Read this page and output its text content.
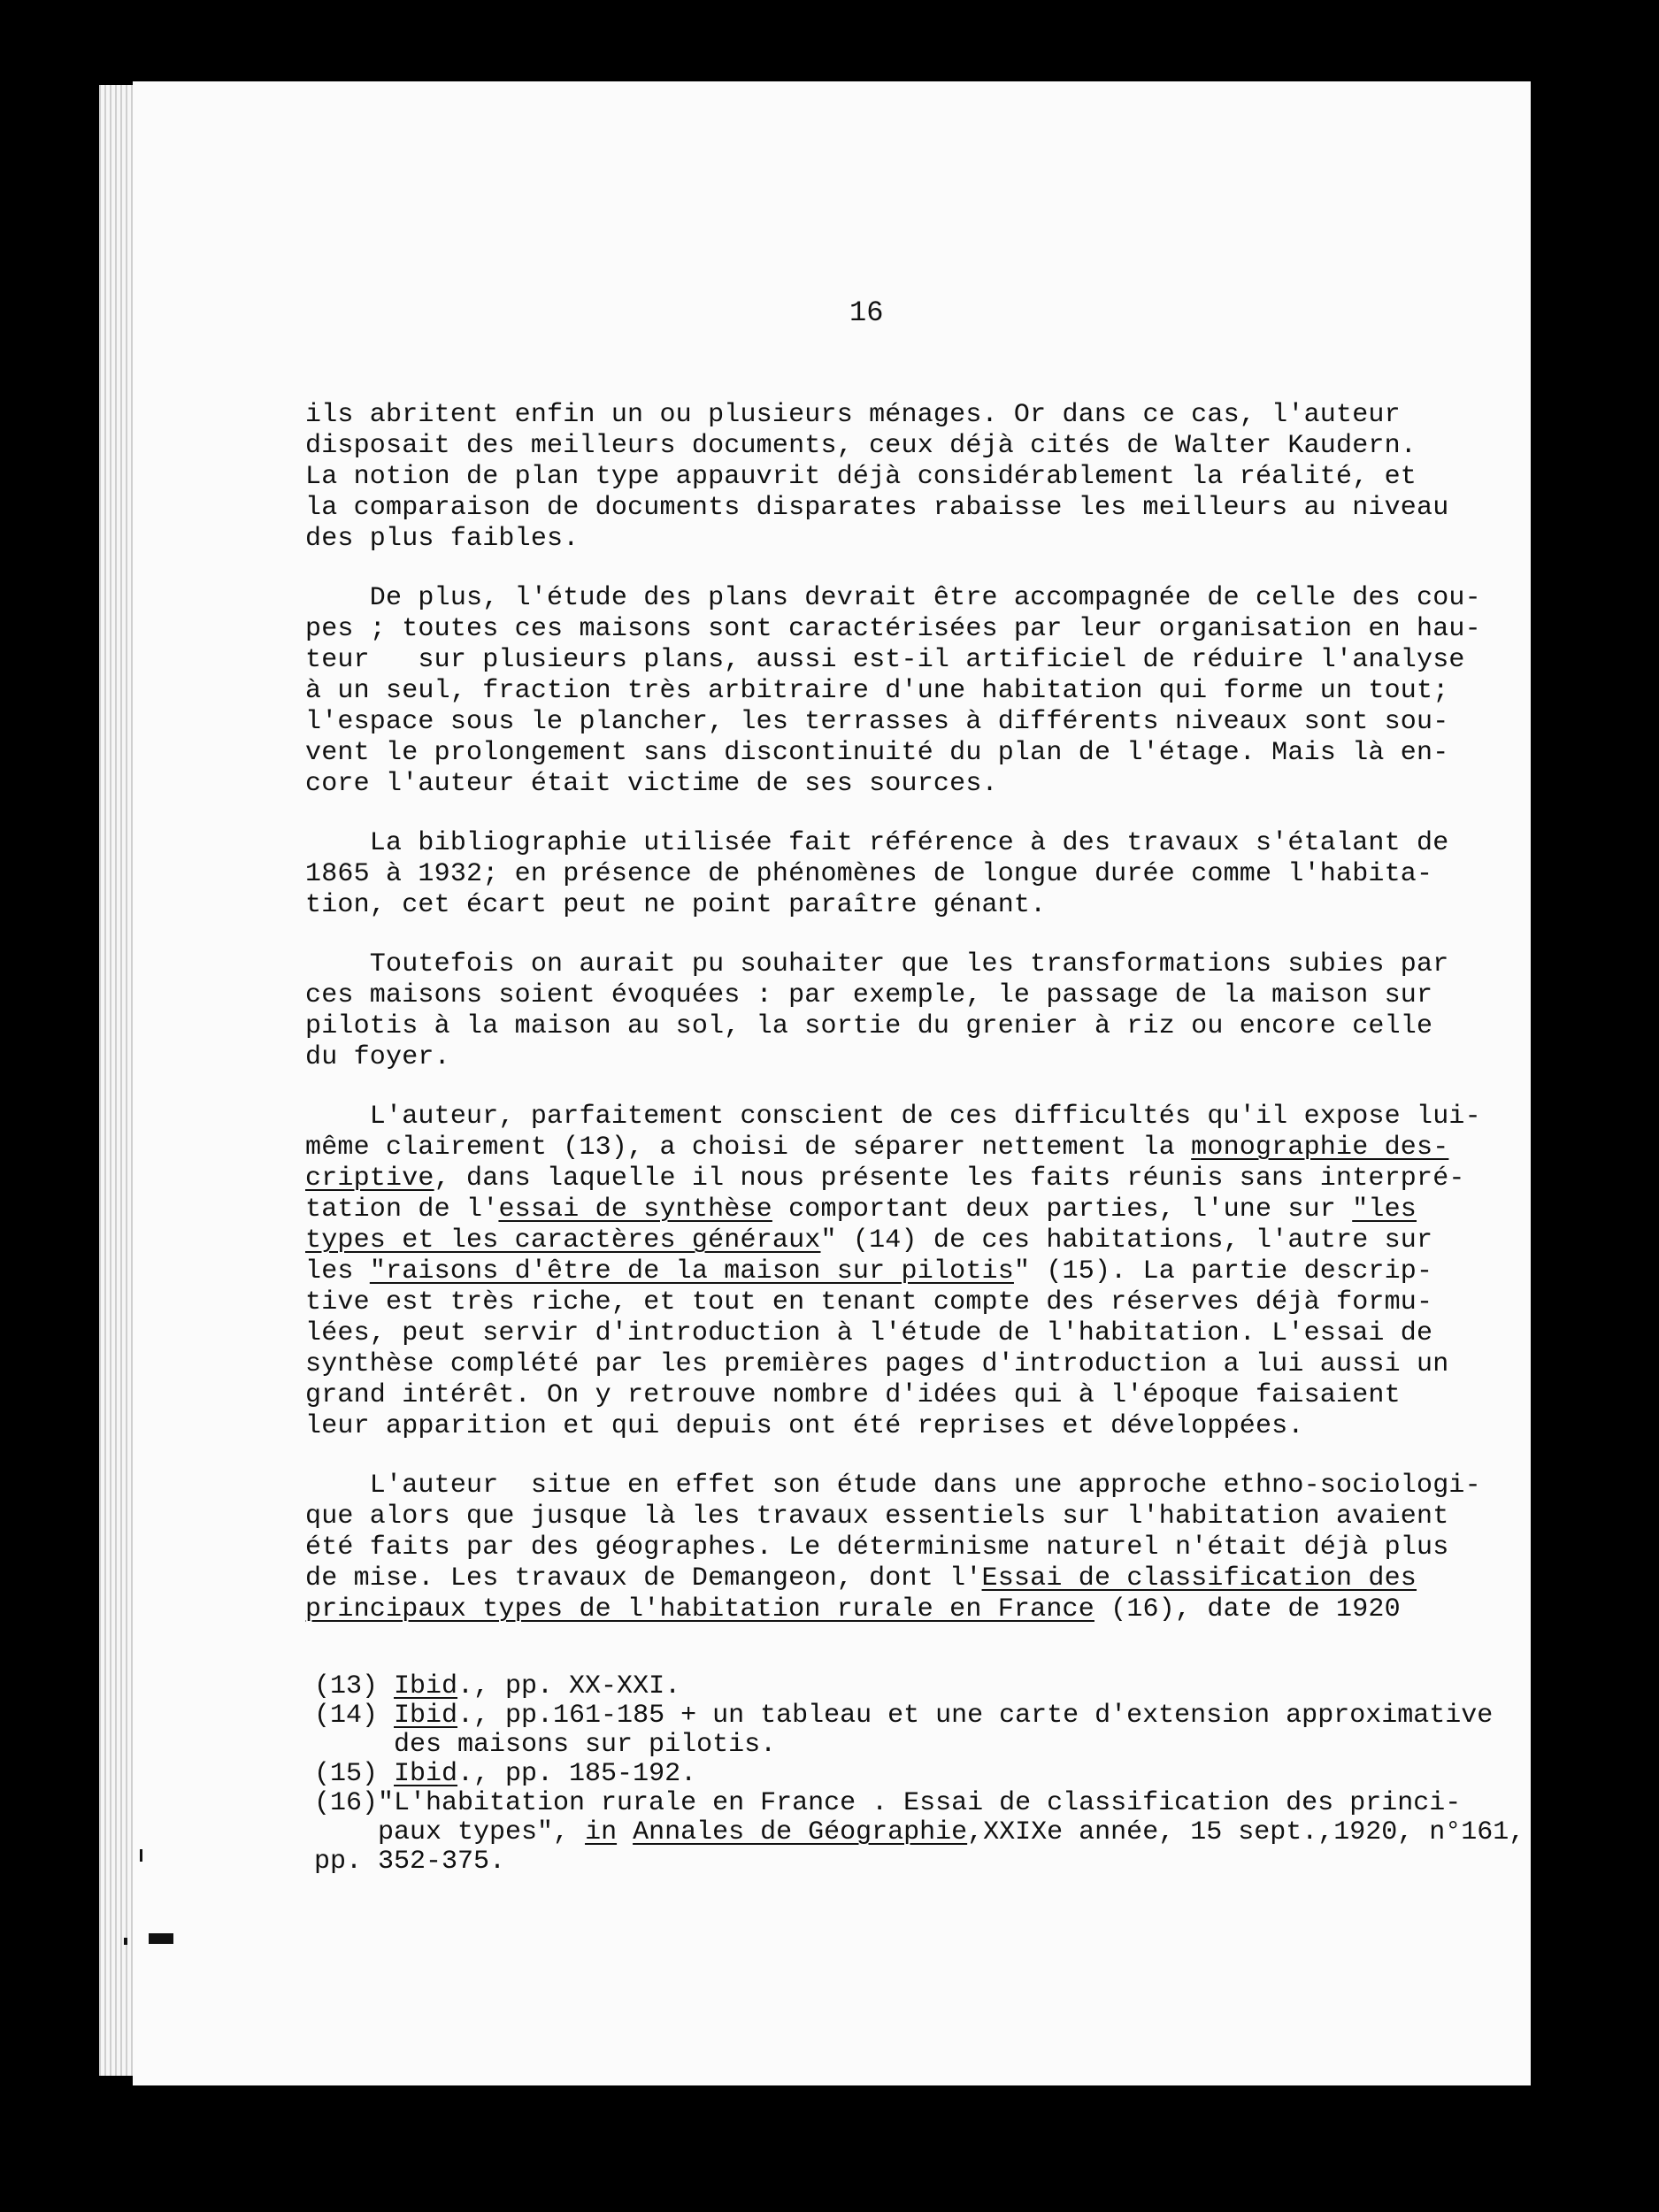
16
ils abritent enfin un ou plusieurs ménages. Or dans ce cas, l'auteur
disposait des meilleurs documents, ceux déjà cités de Walter Kaudern.
La notion de plan type appauvrit déjà considérablement la réalité, et
la comparaison de documents disparates rabaisse les meilleurs au niveau
des plus faibles.
De plus, l'étude des plans devrait être accompagnée de celle des cou-
pes ; toutes ces maisons sont caractérisées par leur organisation en hau-
teur   sur plusieurs plans, aussi est-il artificiel de réduire l'analyse
à un seul, fraction très arbitraire d'une habitation qui forme un tout;
l'espace sous le plancher, les terrasses à différents niveaux sont sou-
vent le prolongement sans discontinuité du plan de l'étage. Mais là en-
core l'auteur était victime de ses sources.
La bibliographie utilisée fait référence à des travaux s'étalant de
1865 à 1932; en présence de phénomènes de longue durée comme l'habita-
tion, cet écart peut ne point paraître génant.
Toutefois on aurait pu souhaiter que les transformations subies par
ces maisons soient évoquées : par exemple, le passage de la maison sur
pilotis à la maison au sol, la sortie du grenier à riz ou encore celle
du foyer.
L'auteur, parfaitement conscient de ces difficultés qu'il expose lui-
même clairement (13), a choisi de séparer nettement la monographie des-
criptive, dans laquelle il nous présente les faits réunis sans interpré-
tation de l'essai de synthèse comportant deux parties, l'une sur "les
types et les caractères généraux" (14) de ces habitations, l'autre sur
les "raisons d'être de la maison sur pilotis" (15). La partie descrip-
tive est très riche, et tout en tenant compte des réserves déjà formu-
lées, peut servir d'introduction à l'étude de l'habitation. L'essai de
synthèse complété par les premières pages d'introduction a lui aussi un
grand intérêt. On y retrouve nombre d'idées qui à l'époque faisaient
leur apparition et qui depuis ont été reprises et développées.
L'auteur  situe en effet son étude dans une approche ethno-sociologi-
que alors que jusque là les travaux essentiels sur l'habitation avaient
été faits par des géographes. Le déterminisme naturel n'était déjà plus
de mise. Les travaux de Demangeon, dont l'Essai de classification des
principaux types de l'habitation rurale en France (16), date de 1920
(13) Ibid., pp. XX-XXI.
(14) Ibid., pp.161-185 + un tableau et une carte d'extension approximative
des maisons sur pilotis.
(15) Ibid., pp. 185-192.
(16)"L'habitation rurale en France . Essai de classification des princi-
paux types", in Annales de Géographie,XXIXe année, 15 sept.,1920, n°161,
pp. 352-375.
